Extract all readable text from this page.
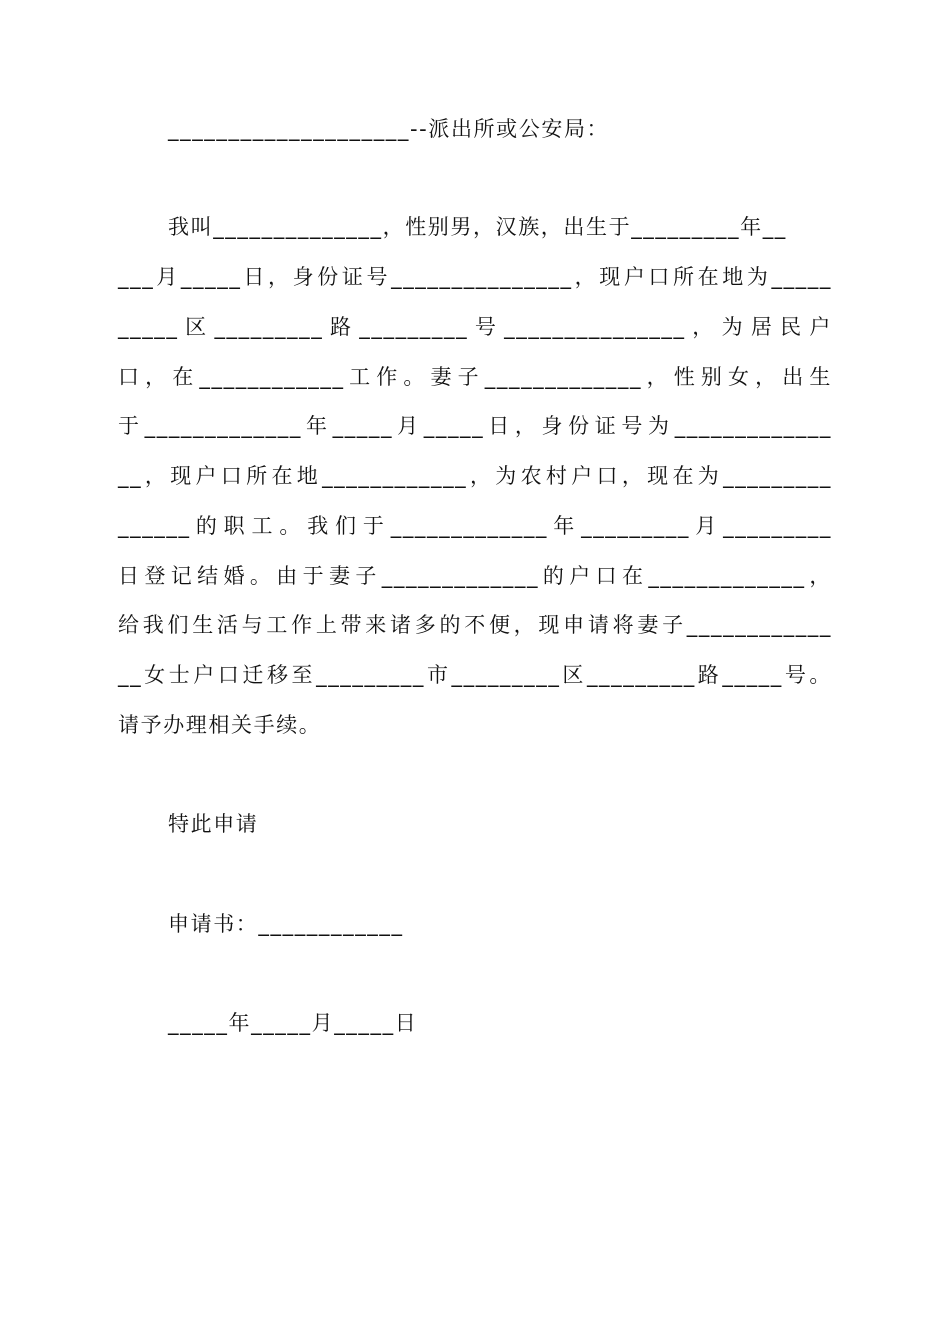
____________________--派出所或公安局：
我叫______________，性别男，汉族，出生于_________年__
___月_____日，身份证号_______________，现户口所在地为_____
_____区_________路_________号_______________，为居民户
口，在____________工作。妻子_____________，性别女，出生
于_____________年_____月_____日，身份证号为_____________
__，现户口所在地____________，为农村户口，现在为_________
______的职工。我们于_____________年_________月_________
日登记结婚。由于妻子_____________的户口在_____________，
给我们生活与工作上带来诸多的不便，现申请将妻子____________
__女士户口迁移至_________市_________区_________路_____号。
请予办理相关手续。
特此申请
申请书：____________
_____年_____月_____日
